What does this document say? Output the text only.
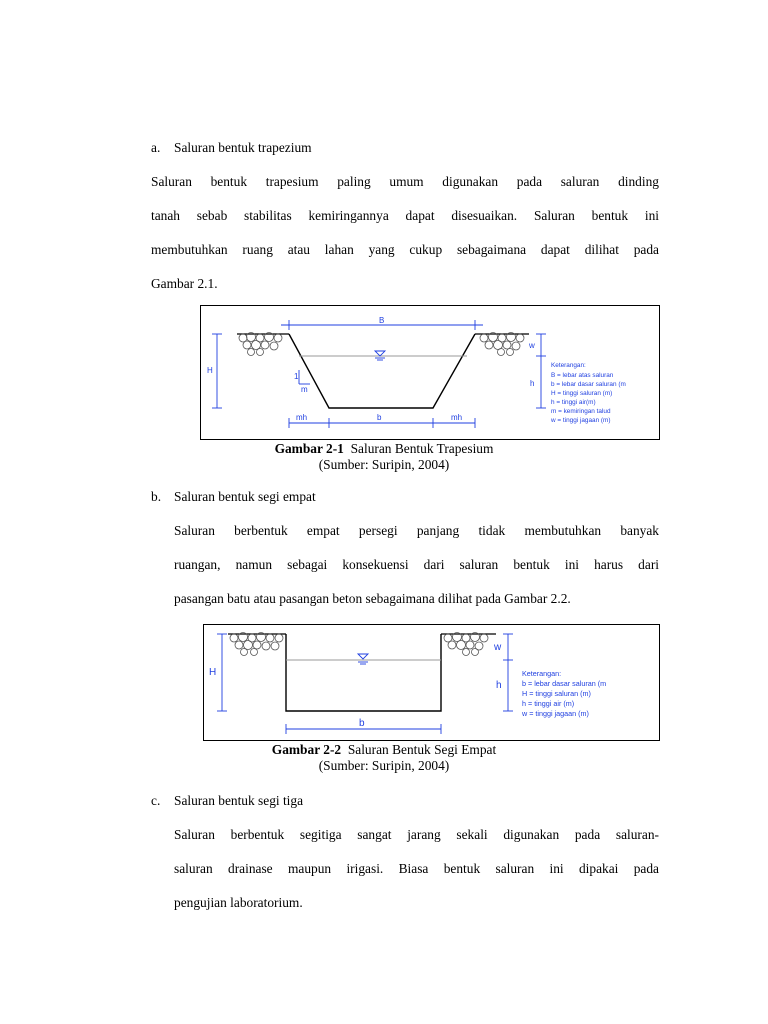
a. Saluran bentuk trapezium
Saluran bentuk trapesium paling umum digunakan pada saluran dinding
tanah sebab stabilitas kemiringannya dapat disesuaikan. Saluran bentuk ini
membutuhkan ruang atau lahan yang cukup sebagaimana dapat dilihat pada
Gambar 2.1.
1
m
B
H
w
h
mh	b	mh
Keterangan:
B = lebar atas saluran
b = lebar dasar saluran (m
H = tinggi saluran (m)
h = tinggi air(m)
m = kemiringan talud
w = tinggi jagaan (m)
Gambar 2-1 Saluran Bentuk Trapesium
(Sumber: Suripin, 2004)
b. Saluran bentuk segi empat
Saluran berbentuk empat persegi panjang tidak membutuhkan banyak
ruangan, namun sebagai konsekuensi dari saluran bentuk ini harus dari
pasangan batu atau pasangan beton sebagaimana dilihat pada Gambar 2.2.
H
w
h
b
Keterangan:
b = lebar dasar saluran (m
H = tinggi saluran (m)
h = tinggi air (m)
w = tinggi jagaan (m)
Gambar 2-2 Saluran Bentuk Segi Empat
(Sumber: Suripin, 2004)
c. Saluran bentuk segi tiga
Saluran berbentuk segitiga sangat jarang sekali digunakan pada saluran-
saluran drainase maupun irigasi. Biasa bentuk saluran ini dipakai pada
pengujian laboratorium.
